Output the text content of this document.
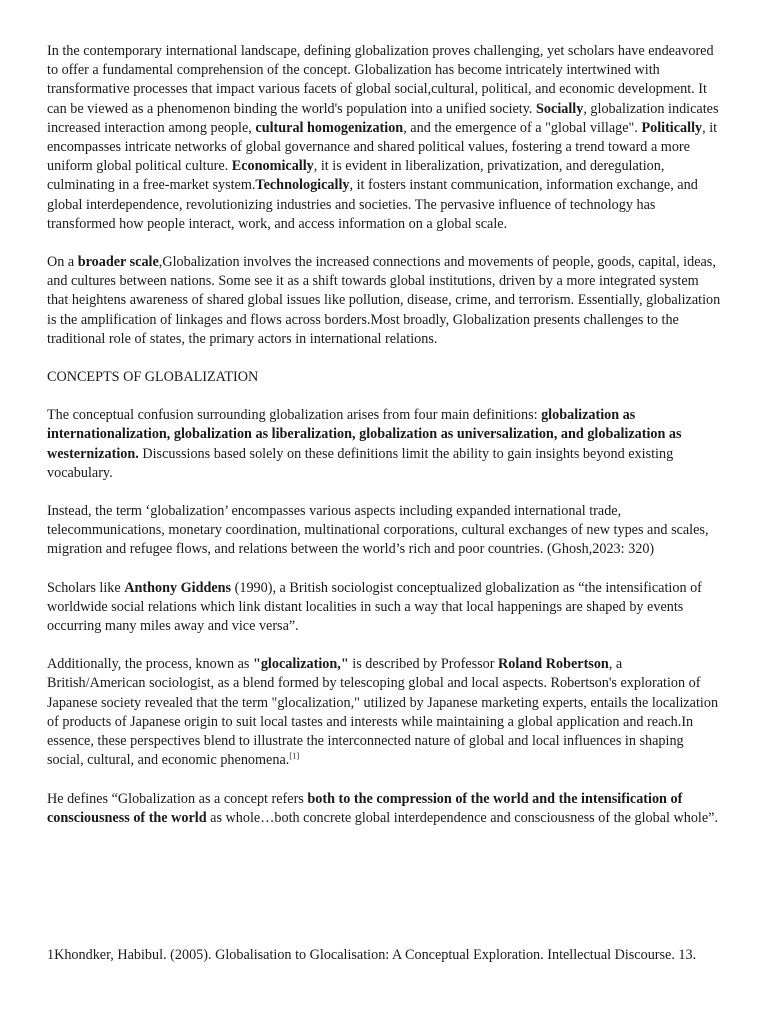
In the contemporary international landscape, defining globalization proves challenging, yet scholars have endeavored to offer a fundamental comprehension of the concept. Globalization has become intricately intertwined with transformative processes that impact various facets of global social,cultural, political, and economic development. It can be viewed as a phenomenon binding the world's population into a unified society. Socially, globalization indicates increased interaction among people, cultural homogenization, and the emergence of a "global village". Politically, it encompasses intricate networks of global governance and shared political values, fostering a trend toward a more uniform global political culture. Economically, it is evident in liberalization, privatization, and deregulation, culminating in a free-market system.Technologically, it fosters instant communication, information exchange, and global interdependence, revolutionizing industries and societies. The pervasive influence of technology has transformed how people interact, work, and access information on a global scale.

On a broader scale,Globalization involves the increased connections and movements of people, goods, capital, ideas, and cultures between nations. Some see it as a shift towards global institutions, driven by a more integrated system that heightens awareness of shared global issues like pollution, disease, crime, and terrorism. Essentially, globalization is the amplification of linkages and flows across borders.Most broadly, Globalization presents challenges to the traditional role of states, the primary actors in international relations.

CONCEPTS OF GLOBALIZATION

The conceptual confusion surrounding globalization arises from four main definitions: globalization as internationalization, globalization as liberalization, globalization as universalization, and globalization as westernization. Discussions based solely on these definitions limit the ability to gain insights beyond existing vocabulary.

Instead, the term ‘globalization’ encompasses various aspects including expanded international trade, telecommunications, monetary coordination, multinational corporations, cultural exchanges of new types and scales, migration and refugee flows, and relations between the world’s rich and poor countries. (Ghosh,2023: 320)

Scholars like Anthony Giddens (1990), a British sociologist conceptualized globalization as “the intensification of worldwide social relations which link distant localities in such a way that local happenings are shaped by events occurring many miles away and vice versa”.

Additionally, the process, known as "glocalization," is described by Professor Roland Robertson, a British/American sociologist, as a blend formed by telescoping global and local aspects. Robertson's exploration of Japanese society revealed that the term "glocalization," utilized by Japanese marketing experts, entails the localization of products of Japanese origin to suit local tastes and interests while maintaining a global application and reach.In essence, these perspectives blend to illustrate the interconnected nature of global and local influences in shaping social, cultural, and economic phenomena.[1]

He defines “Globalization as a concept refers both to the compression of the world and the intensification of consciousness of the world as whole…both concrete global interdependence and consciousness of the global whole”.

1Khondker, Habibul. (2005). Globalisation to Glocalisation: A Conceptual Exploration. Intellectual Discourse. 13.
